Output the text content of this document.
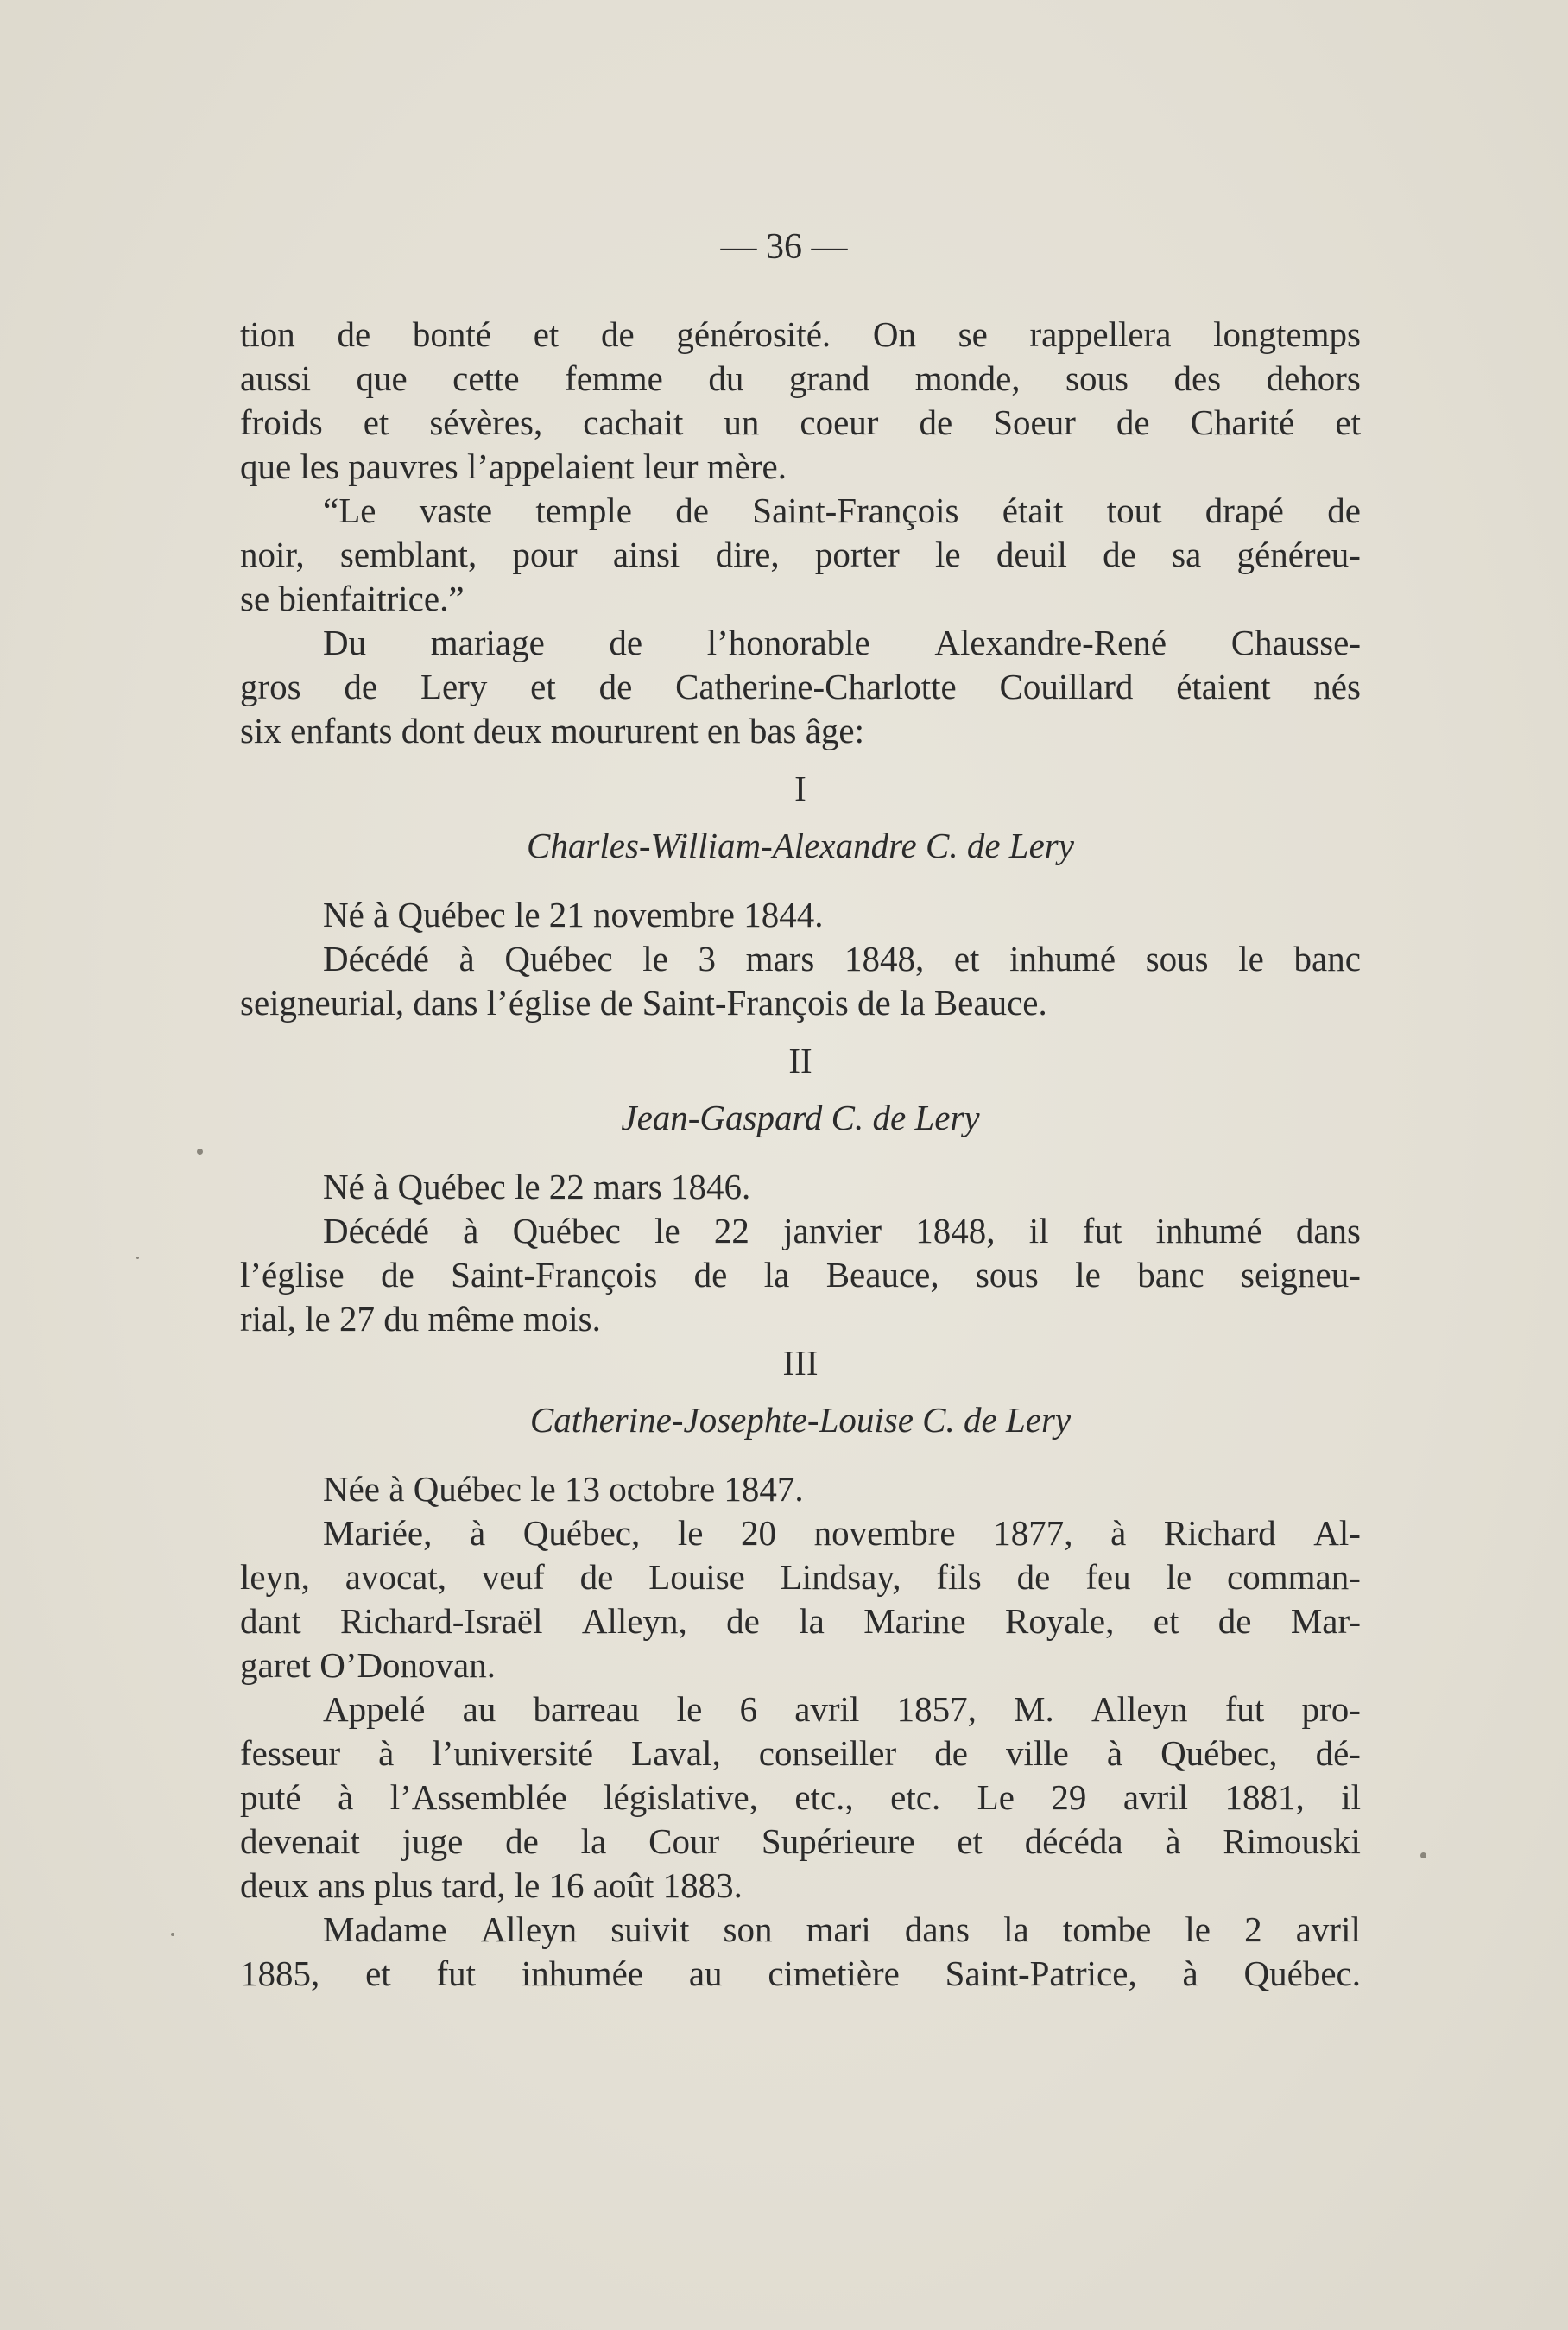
— 36 —
tion de bonté et de générosité. On se rappellera longtemps
aussi que cette femme du grand monde, sous des dehors
froids et sévères, cachait un coeur de Soeur de Charité et
que les pauvres l’appelaient leur mère.
“Le vaste temple de Saint-François était tout drapé de
noir, semblant, pour ainsi dire, porter le deuil de sa généreu-
se bienfaitrice.”
Du mariage de l’honorable Alexandre-René Chausse-
gros de Lery et de Catherine-Charlotte Couillard étaient nés
six enfants dont deux moururent en bas âge:
I
Charles-William-Alexandre C. de Lery
Né à Québec le 21 novembre 1844.
Décédé à Québec le 3 mars 1848, et inhumé sous le banc
seigneurial, dans l’église de Saint-François de la Beauce.
II
Jean-Gaspard C. de Lery
Né à Québec le 22 mars 1846.
Décédé à Québec le 22 janvier 1848, il fut inhumé dans
l’église de Saint-François de la Beauce, sous le banc seigneu-
rial, le 27 du même mois.
III
Catherine-Josephte-Louise C. de Lery
Née à Québec le 13 octobre 1847.
Mariée, à Québec, le 20 novembre 1877, à Richard Al-
leyn, avocat, veuf de Louise Lindsay, fils de feu le comman-
dant Richard-Israël Alleyn, de la Marine Royale, et de Mar-
garet O’Donovan.
Appelé au barreau le 6 avril 1857, M. Alleyn fut pro-
fesseur à l’université Laval, conseiller de ville à Québec, dé-
puté à l’Assemblée législative, etc., etc. Le 29 avril 1881, il
devenait juge de la Cour Supérieure et décéda à Rimouski
deux ans plus tard, le 16 août 1883.
Madame Alleyn suivit son mari dans la tombe le 2 avril
1885, et fut inhumée au cimetière Saint-Patrice, à Québec.
